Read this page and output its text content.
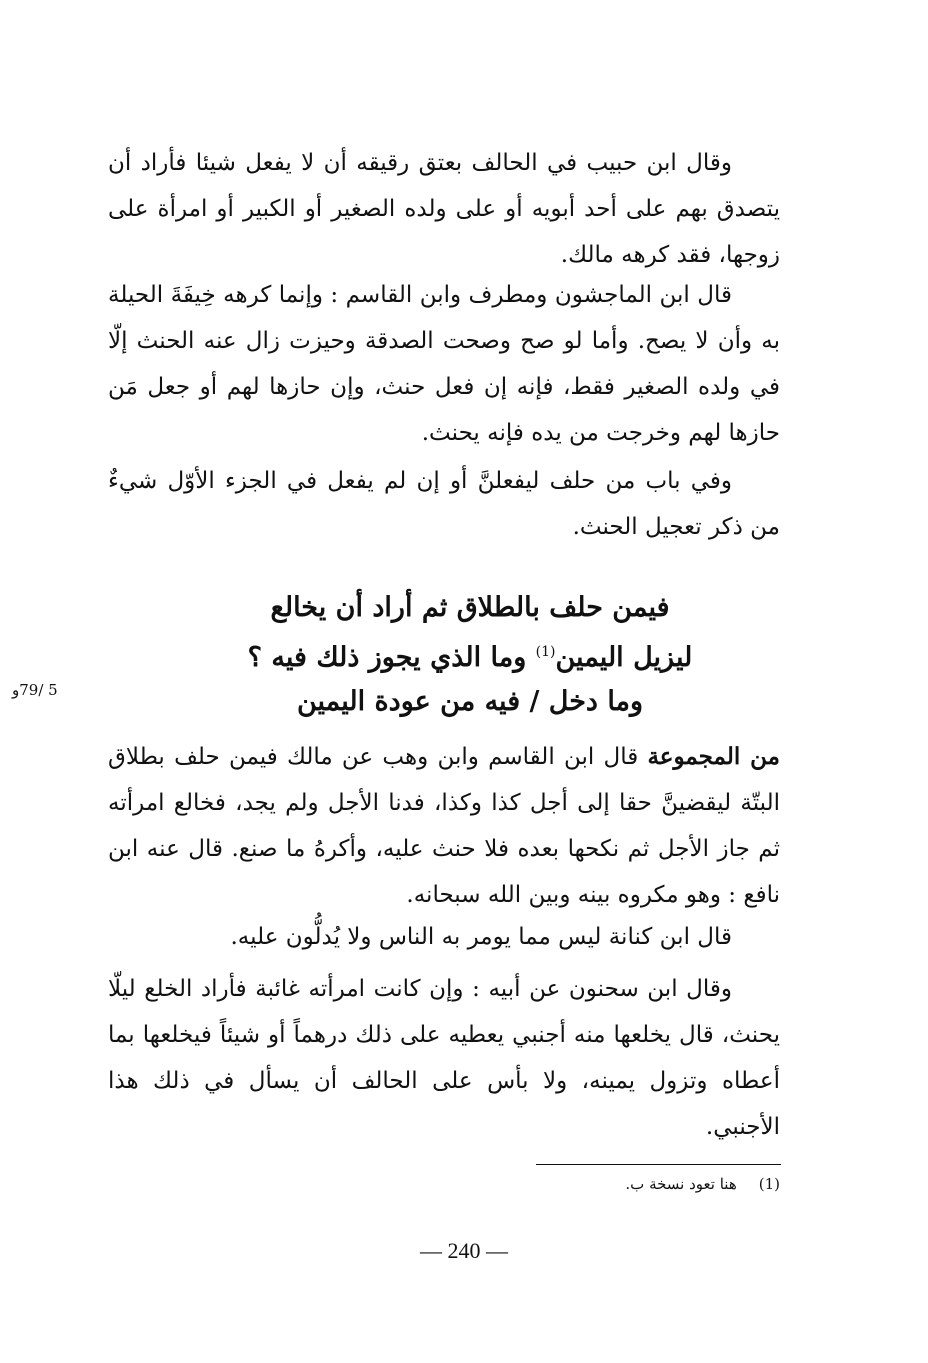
وقال ابن حبيب في الحالف بعتق رقيقه أن لا يفعل شيئا فأراد أن يتصدق بهم على أحد أبويه أو على ولده الصغير أو الكبير أو امرأة على زوجها، فقد كرهه مالك.

قال ابن الماجشون ومطرف وابن القاسم : وإنما كرهه خِيفَةَ الحيلة به وأن لا يصح. وأما لو صح وصحت الصدقة وحيزت زال عنه الحنث إلّا في ولده الصغير فقط، فإنه إن فعل حنث، وإن حازها لهم أو جعل مَن حازها لهم وخرجت من يده فإنه يحنث.

وفي باب من حلف ليفعلنَّ أو إن لم يفعل في الجزء الأوّل شيءٌ من ذكر تعجيل الحنث.

فيمن حلف بالطلاق ثم أراد أن يخالع
ليزيل اليمين$^{(1)}$ وما الذي يجوز ذلك فيه ؟
وما دخل / فيه من عودة اليمين
5 /79و

من المجموعة قال ابن القاسم وابن وهب عن مالك فيمن حلف بطلاق البتّة ليقضينَّ حقا إلى أجل كذا وكذا، فدنا الأجل ولم يجد، فخالع امرأته ثم جاز الأجل ثم نكحها بعده فلا حنث عليه، وأكرهُ ما صنع. قال عنه ابن نافع : وهو مكروه بينه وبين الله سبحانه.

قال ابن كنانة ليس مما يومر به الناس ولا يُدلُّون عليه.

وقال ابن سحنون عن أبيه : وإن كانت امرأته غائبة فأراد الخلع ليلّا يحنث، قال يخلعها منه أجنبي يعطيه على ذلك درهماً أو شيئاً فيخلعها بما أعطاه وتزول يمينه، ولا بأس على الحالف أن يسأل في ذلك هذا الأجنبي.

(1)هنا تعود نسخة ب.
— 240 —
